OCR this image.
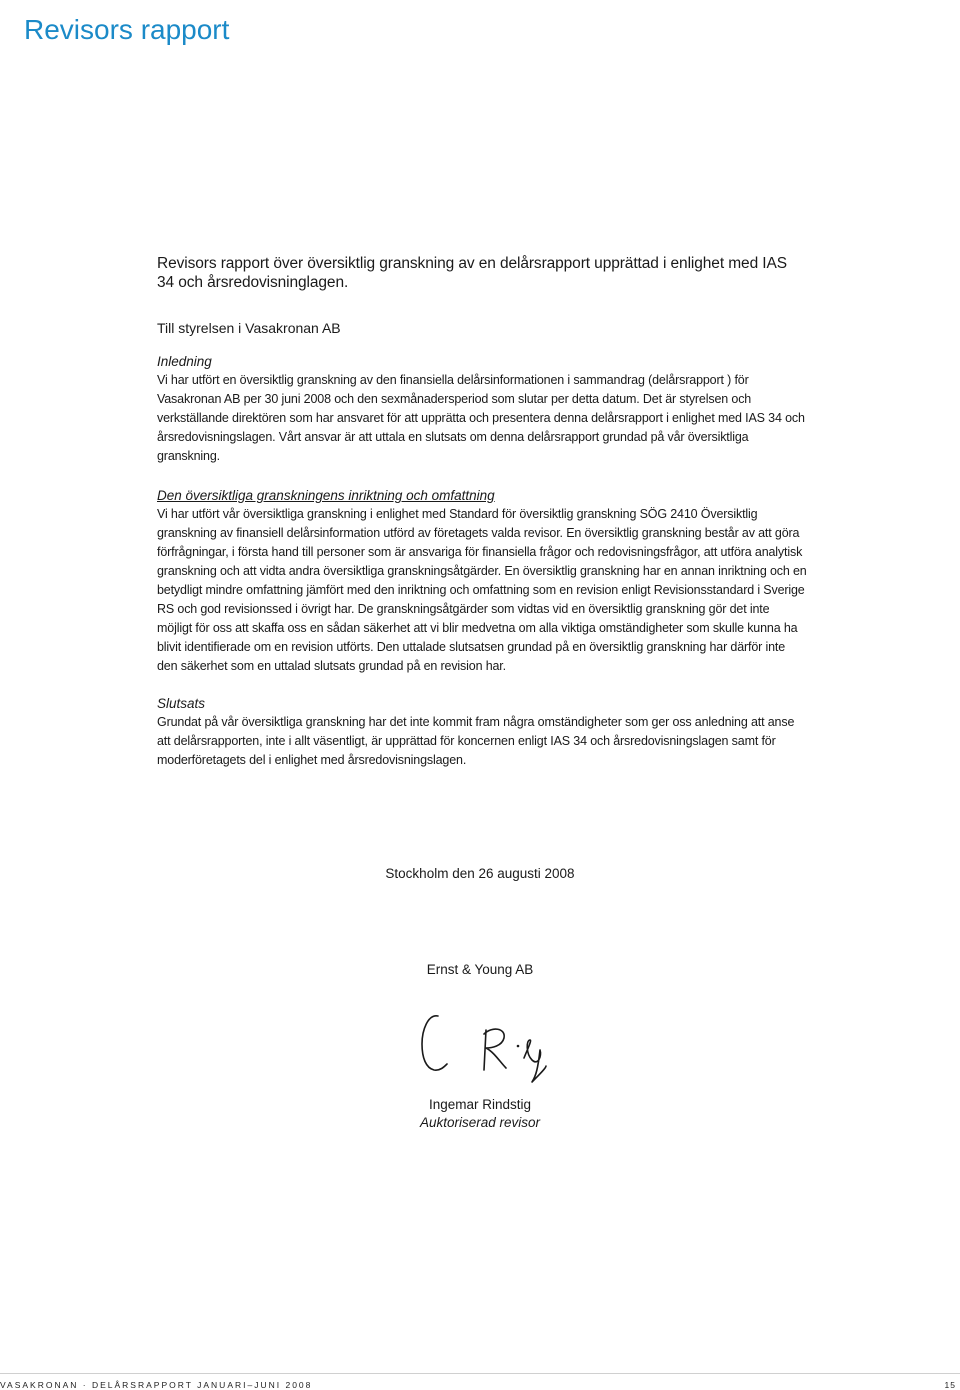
Revisors rapport

Revisors rapport över översiktlig granskning av en delårsrapport upprättad i enlighet med IAS 34 och årsredovisninglagen.

Till styrelsen i Vasakronan AB

Inledning

Vi har utfört en översiktlig granskning av den finansiella delårsinformationen i sammandrag (delårsrapport ) för Vasakronan AB per 30 juni 2008 och den sexmånadersperiod som slutar per detta datum. Det är styrelsen och verkställande direktören som har ansvaret för att upprätta och presentera denna delårsrapport i enlighet med IAS 34 och årsredovisningslagen. Vårt ansvar är att uttala en slutsats om denna delårsrapport grundad på vår översiktliga granskning.

Den översiktliga granskningens inriktning och omfattning

Vi har utfört vår översiktliga granskning i enlighet med Standard för översiktlig granskning SÖG 2410 Översiktlig granskning av finansiell delårsinformation utförd av företagets valda revisor. En översiktlig granskning består av att göra förfrågningar, i första hand till personer som är ansvariga för finansiella frågor och redovisningsfrågor, att utföra analytisk granskning och att vidta andra översiktliga granskningsåtgärder. En översiktlig granskning har en annan inriktning och en betydligt mindre omfattning jämfört med den inriktning och omfattning som en revision enligt Revisionsstandard i Sverige RS och god revisionssed i övrigt har. De granskningsåtgärder som vidtas vid en översiktlig granskning gör det inte möjligt för oss att skaffa oss en sådan säkerhet att vi blir medvetna om alla viktiga omständigheter som skulle kunna ha blivit identifierade om en revision utförts. Den uttalade slutsatsen grundad på en översiktlig granskning har därför inte den säkerhet som en uttalad slutsats grundad på en revision har.

Slutsats

Grundat på vår översiktliga granskning har det inte kommit fram några omständigheter som ger oss anledning att anse att delårsrapporten, inte i allt väsentligt, är upprättad för koncernen enligt IAS 34 och årsredovisningslagen samt för moderföretagets del i enlighet med årsredovisningslagen.

Stockholm den 26 augusti 2008
Ernst & Young AB
Ingemar Rindstig
Auktoriserad revisor
VASAKRONAN · DELÅRSRAPPORT JANUARI–JUNI 2008	15
